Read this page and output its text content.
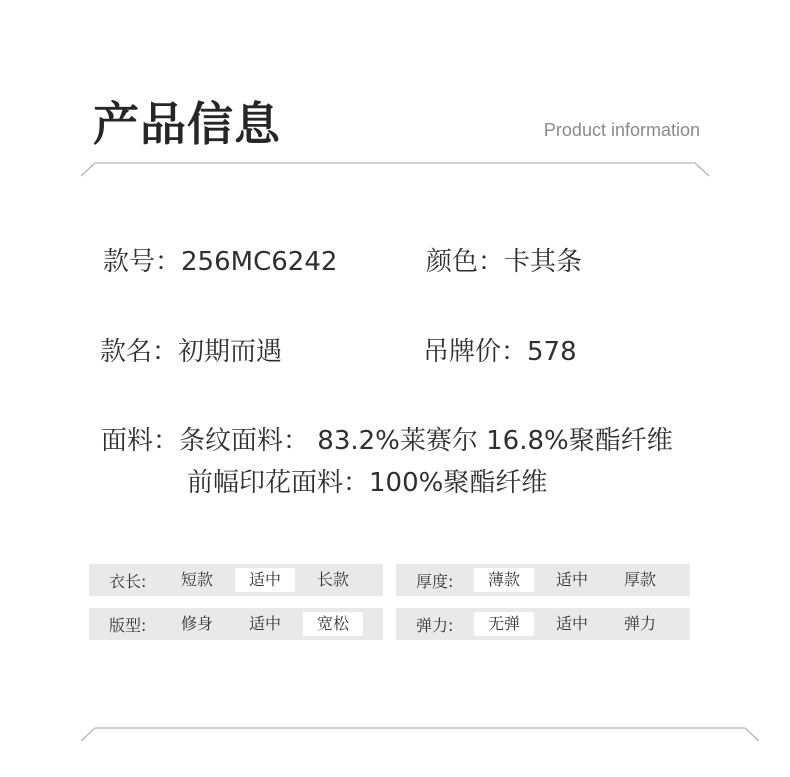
产品信息	Product information
款号：256MC6242	颜色：卡其条
款名：初期而遇	吊牌价：578
面料：条纹面料： 83.2%莱赛尔 16.8%聚酯纤维
前幅印花面料：100%聚酯纤维
衣长:	短款	适中	长款	厚度:	薄款	适中	厚款
版型:	修身	适中	宽松	弹力:	无弹	适中	弹力
